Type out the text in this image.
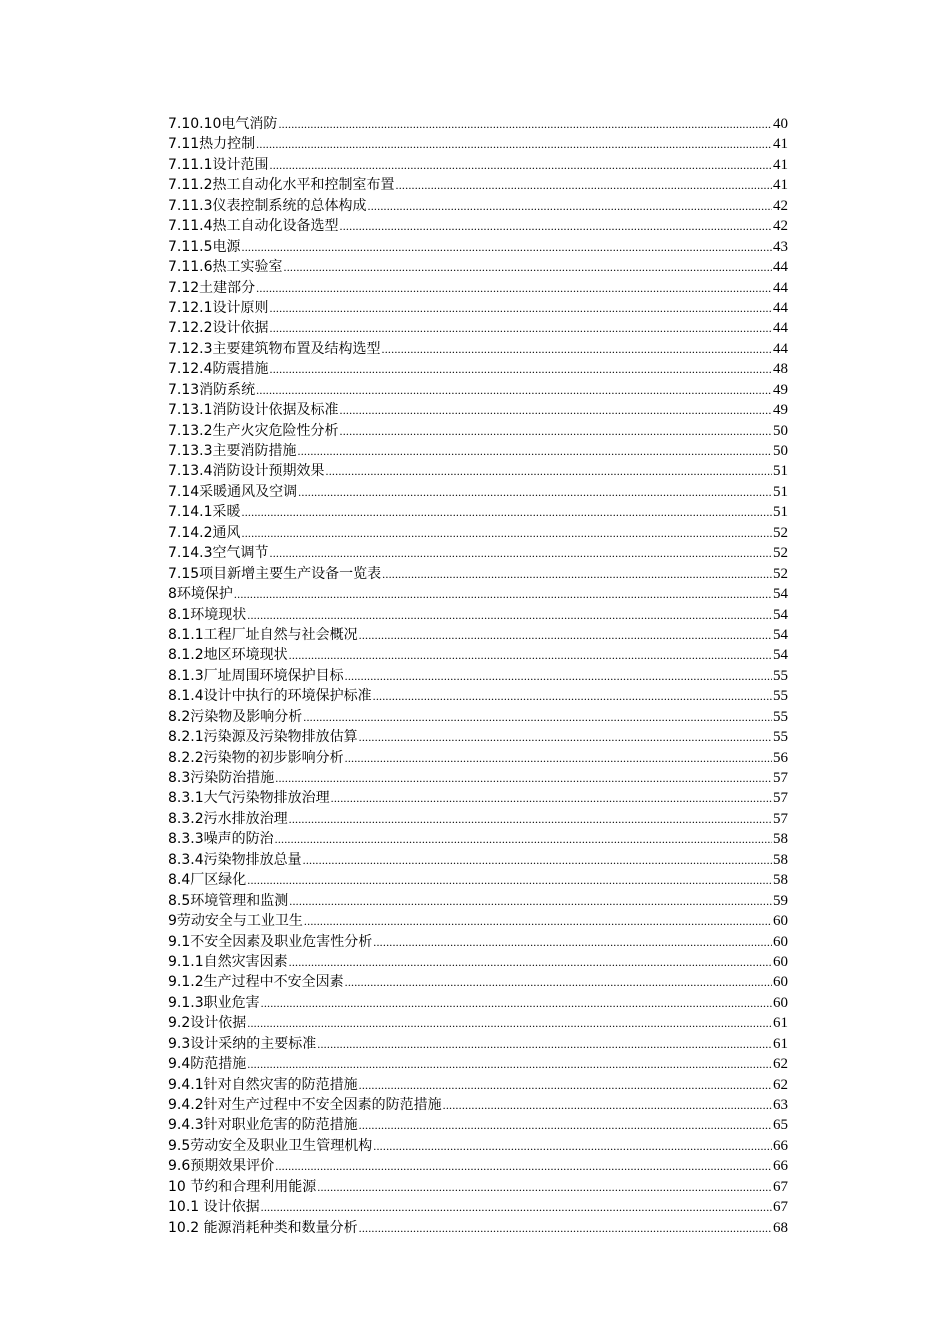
7.10.10电气消防 .....	40
7.11热力控制 .....	41
7.11.1设计范围 .....	41
7.11.2热工自动化水平和控制室布置 .....	41
7.11.3仪表控制系统的总体构成 .....	42
7.11.4热工自动化设备选型 .....	42
7.11.5电源 .....	43
7.11.6热工实验室 .....	44
7.12土建部分 .....	44
7.12.1设计原则 .....	44
7.12.2设计依据 .....	44
7.12.3主要建筑物布置及结构选型 .....	44
7.12.4防震措施 .....	48
7.13消防系统 .....	49
7.13.1消防设计依据及标准 .....	49
7.13.2生产火灾危险性分析 .....	50
7.13.3主要消防措施 .....	50
7.13.4消防设计预期效果 .....	51
7.14采暖通风及空调 .....	51
7.14.1采暖 .....	51
7.14.2通风 .....	52
7.14.3空气调节 .....	52
7.15项目新增主要生产设备一览表 .....	52
8环境保护 .....	54
8.1环境现状 .....	54
8.1.1工程厂址自然与社会概况 .....	54
8.1.2地区环境现状 .....	54
8.1.3厂址周围环境保护目标 .....	55
8.1.4设计中执行的环境保护标准 .....	55
8.2污染物及影响分析 .....	55
8.2.1污染源及污染物排放估算 .....	55
8.2.2污染物的初步影响分析 .....	56
8.3污染防治措施 .....	57
8.3.1大气污染物排放治理 .....	57
8.3.2污水排放治理 .....	57
8.3.3噪声的防治 .....	58
8.3.4污染物排放总量 .....	58
8.4厂区绿化 .....	58
8.5环境管理和监测 .....	59
9劳动安全与工业卫生 .....	60
9.1不安全因素及职业危害性分析 .....	60
9.1.1自然灾害因素 .....	60
9.1.2生产过程中不安全因素 .....	60
9.1.3职业危害 .....	60
9.2设计依据 .....	61
9.3设计采纳的主要标准 .....	61
9.4防范措施 .....	62
9.4.1针对自然灾害的防范措施 .....	62
9.4.2针对生产过程中不安全因素的防范措施 .....	63
9.4.3针对职业危害的防范措施 .....	65
9.5劳动安全及职业卫生管理机构 .....	66
9.6预期效果评价 .....	66
10 节约和合理利用能源 .....	67
10.1 设计依据 .....	67
10.2 能源消耗种类和数量分析 .....	68
